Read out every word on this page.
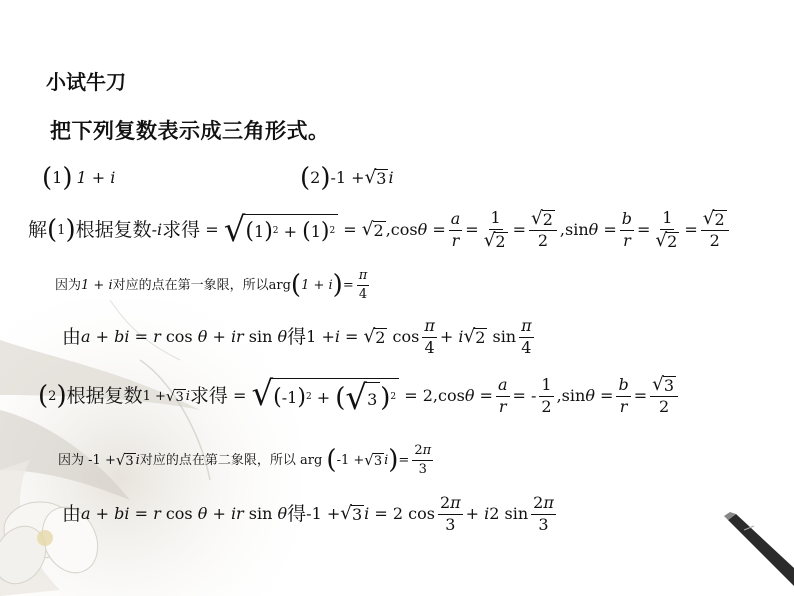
小试牛刀
把下列复数表示成三角形式。
( 1 ) 1 + i	( 2 ) -1 + √ 3 i
解 ( 1 ) 根据复数 - i 求得 = √ ( 1 ) 2 + ( 1 ) 2 = √ 2 ,cos $\theta = \frac{a}{r} = \frac{1}{√ 2} = \frac{√ 2}{2} ,\sin$ $\theta = \frac{b}{r} = \frac{1}{√ 2} = \frac{√ 2}{2}$
因为 1 + i 对应的点在第一象限，所以 arg ( 1 + i ) = $\frac{\pi}{4}$
由 a + bi = r cos θ + ir sin θ 得 1 + i = √ 2 $\cos \frac{\pi}{4} + i$ √ 2 $\sin \frac{\pi}{4}$
( 2 ) 根据复数 1 + √ 3 i 求得 = √ ( -1 ) 2 + ( √ 3 ) 2 = 2,cos $\theta = \frac{a}{r}$ = - $\frac{1}{2} ,\sin$ $\theta = \frac{b}{r} = \frac{√ 3}{2}$
因为 -1 + √ 3 i 对应的点在第二象限， 所以 arg ( -1 + √ 3 i ) = $\frac{2\pi}{3}$
由 a + bi = r cos θ + ir sin θ 得 -1 + √ 3 i = 2 $\cos \frac{2\pi}{3} + i$ 2 $\sin \frac{2\pi}{3}$
